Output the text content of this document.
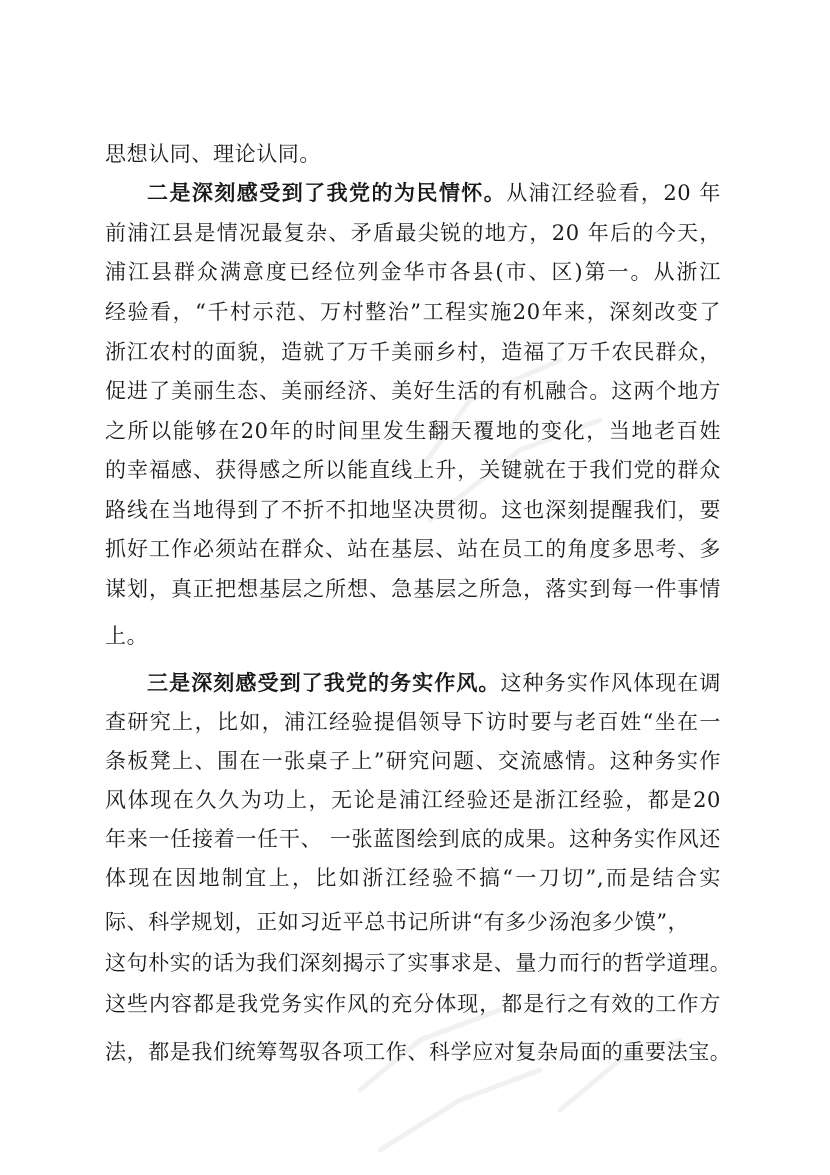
思想认同、理论认同。
二是深刻感受到了我党的为民情怀。从浦江经验看，20 年
前浦江县是情况最复杂、矛盾最尖锐的地方，20 年后的今天，
浦江县群众满意度已经位列金华市各县(市、区)第一。从浙江
经验看，“千村示范、万村整治”工程实施20年来，深刻改变了
浙江农村的面貌，造就了万千美丽乡村，造福了万千农民群众，
促进了美丽生态、美丽经济、美好生活的有机融合。这两个地方
之所以能够在20年的时间里发生翻天覆地的变化，当地老百姓
的幸福感、获得感之所以能直线上升，关键就在于我们党的群众
路线在当地得到了不折不扣地坚决贯彻。这也深刻提醒我们，要
抓好工作必须站在群众、站在基层、站在员工的角度多思考、多
谋划，真正把想基层之所想、急基层之所急，落实到每一件事情
上。
三是深刻感受到了我党的务实作风。这种务实作风体现在调
查研究上，比如，浦江经验提倡领导下访时要与老百姓“坐在一
条板凳上、围在一张桌子上”研究问题、交流感情。这种务实作
风体现在久久为功上，无论是浦江经验还是浙江经验，都是20
年来一任接着一任干、 一张蓝图绘到底的成果。这种务实作风还
体现在因地制宜上，比如浙江经验不搞“一刀切”,而是结合实
际、科学规划，正如习近平总书记所讲“有多少汤泡多少馍”，
这句朴实的话为我们深刻揭示了实事求是、量力而行的哲学道理。
这些内容都是我党务实作风的充分体现，都是行之有效的工作方
法，都是我们统筹驾驭各项工作、科学应对复杂局面的重要法宝。
